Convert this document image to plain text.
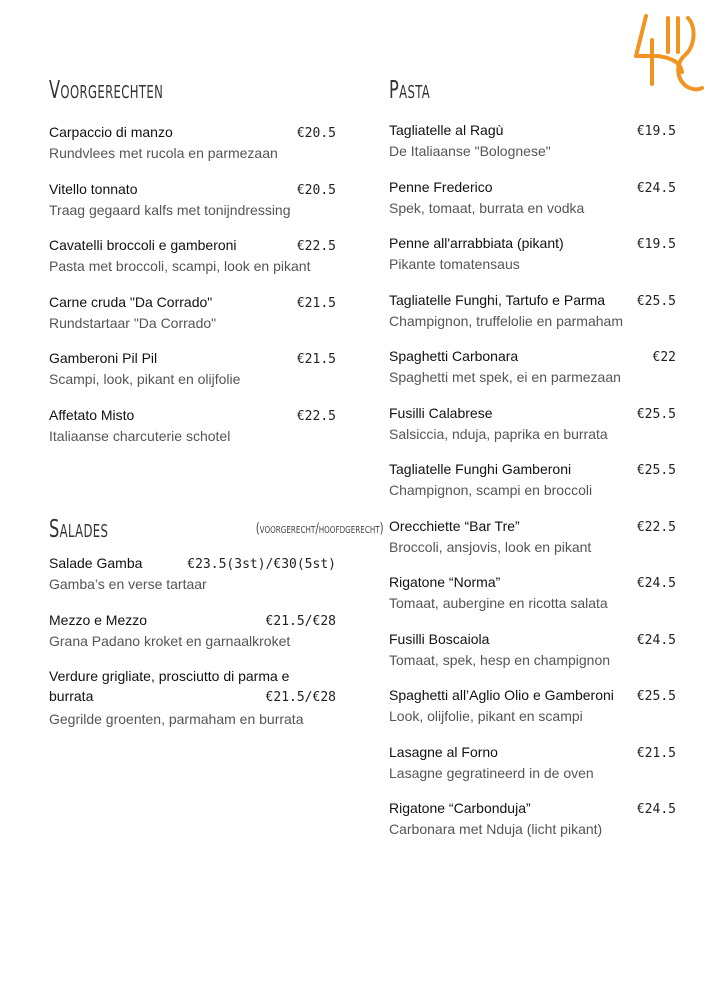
Voorgerechten
Carpaccio di manzo	€20.5
Rundvlees met rucola en parmezaan
Vitello tonnato	€20.5
Traag gegaard kalfs met tonijndressing
Cavatelli broccoli e gamberoni	€22.5
Pasta met broccoli, scampi, look en pikant
Carne cruda "Da Corrado"	€21.5
Rundstartaar "Da Corrado"
Gamberoni Pil Pil	€21.5
Scampi, look, pikant en olijfolie
Affetato Misto	€22.5
Italiaanse charcuterie schotel
Salades	(voorgerecht/hoofdgerecht)
Salade Gamba	€23.5(3st)/€30(5st)
Gamba’s en verse tartaar
Mezzo e Mezzo	€21.5/€28
Grana Padano kroket en garnaalkroket
Verdure grigliate, prosciutto di parma e
burrata	€21.5/€28
Gegrilde groenten, parmaham en burrata
Pasta
Tagliatelle al Ragù	€19.5
De Italiaanse "Bolognese"
Penne Frederico	€24.5
Spek, tomaat, burrata en vodka
Penne all'arrabbiata (pikant)	€19.5
Pikante tomatensaus
Tagliatelle Funghi, Tartufo e Parma €25.5
Champignon, truffelolie en parmaham
Spaghetti Carbonara	€22
Spaghetti met spek, ei en parmezaan
Fusilli Calabrese	€25.5
Salsiccia, nduja, paprika en burrata
Tagliatelle Funghi Gamberoni	€25.5
Champignon, scampi en broccoli
Orecchiette “Bar Tre”	€22.5
Broccoli, ansjovis, look en pikant
Rigatone “Norma”	€24.5
Tomaat, aubergine en ricotta salata
Fusilli Boscaiola	€24.5
Tomaat, spek, hesp en champignon
Spaghetti all’Aglio Olio e Gamberoni €25.5
Look, olijfolie, pikant en scampi
Lasagne al Forno	€21.5
Lasagne gegratineerd in de oven
Rigatone “Carbonduja”	€24.5
Carbonara met Nduja (licht pikant)
